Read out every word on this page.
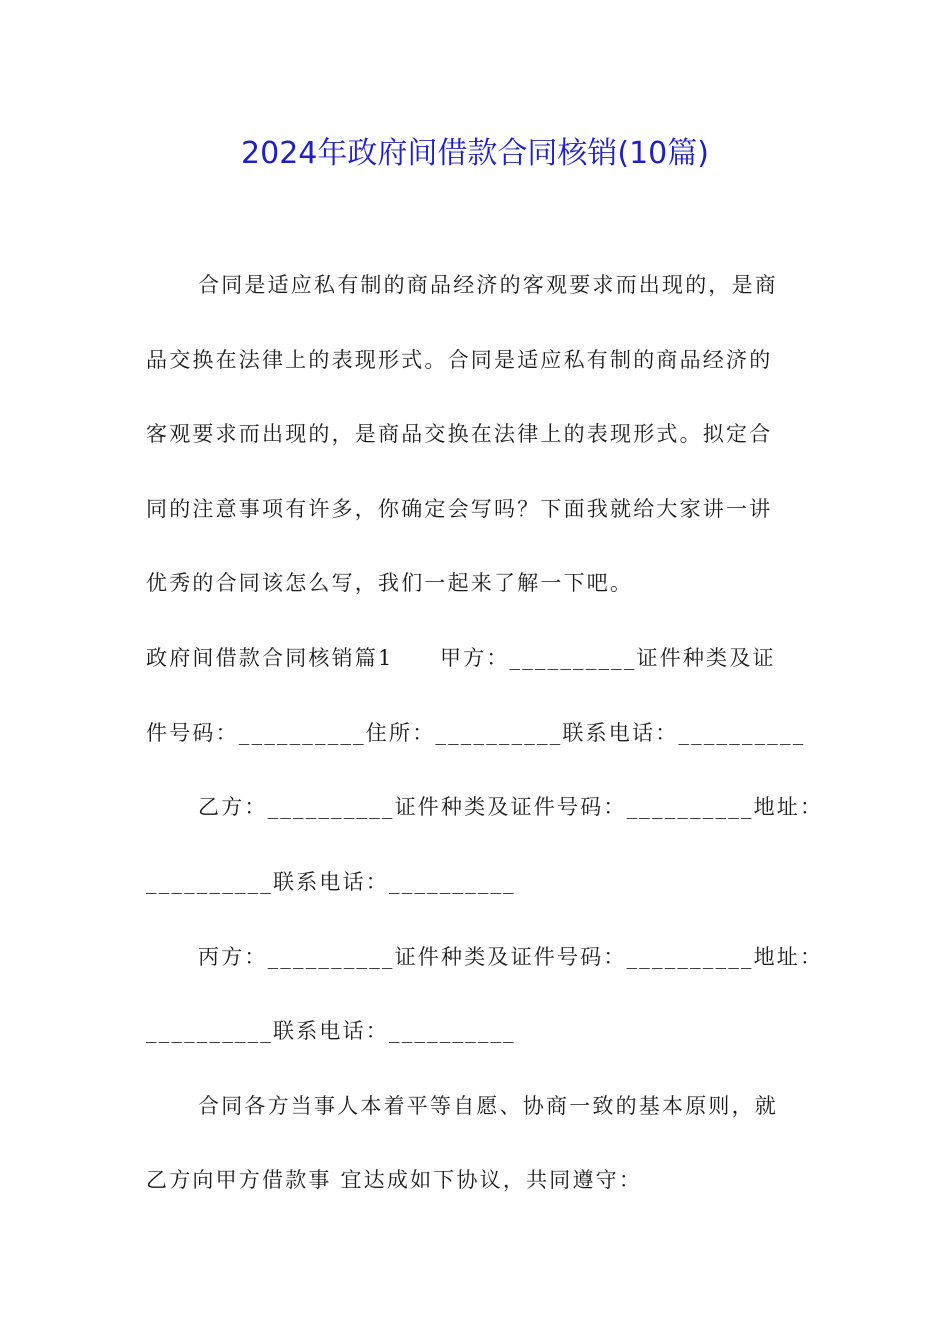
2024年政府间借款合同核销(10篇)
合同是适应私有制的商品经济的客观要求而出现的，是商
品交换在法律上的表现形式。合同是适应私有制的商品经济的
客观要求而出现的，是商品交换在法律上的表现形式。拟定合
同的注意事项有许多，你确定会写吗？下面我就给大家讲一讲
优秀的合同该怎么写，我们一起来了解一下吧。
政府间借款合同核销篇1　　甲方：__________证件种类及证
件号码：__________住所：__________联系电话：__________
乙方：__________证件种类及证件号码：__________地址：
__________联系电话：__________
丙方：__________证件种类及证件号码：__________地址：
__________联系电话：__________
合同各方当事人本着平等自愿、协商一致的基本原则，就
乙方向甲方借款事 宜达成如下协议，共同遵守：
